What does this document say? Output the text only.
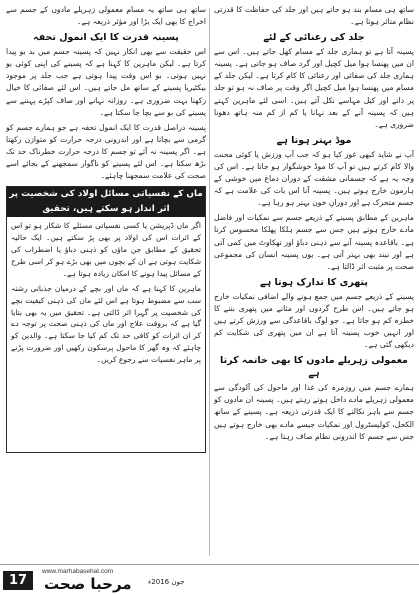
ساتھ ہی مسام بند ہو جاتے ہیں اور جلد کی حفاظت کا قدرتی نظام متاثر ہوتا ہے۔

جلد کی رعنائی کے لئے

پسینہ آتا ہے تو ہماری جلد کے مسام کھل جاتے ہیں۔ اس سے ان میں پھنسا ہوا میل کچیل اور گرد صاف ہو جاتی ہے۔ پسینہ ہماری جلد کی صفائی اور رعنائی کا کام کرتا ہے۔ لیکن جلد کے مسام میں پھنسا ہوا میل کچیل اگر وقت پر صاف نہ ہو تو جلد پر دانے اور کیل مہاسے نکل آتے ہیں۔ اسی لئے ماہرین کہتے ہیں کہ پسینہ آنے کے بعد نہانا یا کم از کم منہ ہاتھ دھونا ضروری ہے۔

موڈ بہتر ہوتا ہے

آپ نے شاید کبھی غور کیا ہو کہ جب آپ ورزش یا کوئی محنت والا کام کرتے ہیں تو آپ کا موڈ خوشگوار ہو جاتا ہے۔ اس کی وجہ یہ ہے کہ جسمانی مشقت کے دوران دماغ میں خوشی کے ہارمون خارج ہوتے ہیں۔ پسینہ آنا اس بات کی علامت ہے کہ جسم متحرک ہے اور دورانِ خون بہتر ہو رہا ہے۔

ماہرین کے مطابق پسینے کے ذریعے جسم سے نمکیات اور فاضل مادے خارج ہوتے ہیں جس سے جسم ہلکا پھلکا محسوس کرتا ہے۔ باقاعدہ پسینہ آنے سے ذہنی دباؤ اور تھکاوٹ میں کمی آتی ہے اور نیند بھی بہتر آتی ہے۔ یوں پسینہ انسان کی مجموعی صحت پر مثبت اثر ڈالتا ہے۔

پتھری کا تدارک ہوتا ہے

پسینے کے ذریعے جسم میں جمع ہونے والے اضافی نمکیات خارج ہو جاتے ہیں۔ اس طرح گردوں اور مثانے میں پتھری بننے کا خطرہ کم ہو جاتا ہے۔ جو لوگ باقاعدگی سے ورزش کرتے ہیں اور انہیں خوب پسینہ آتا ہے ان میں پتھری کی شکایت کم دیکھی گئی ہے۔

معمولی زہریلے مادوں کا بھی خاتمہ کرتا ہے

ہمارے جسم میں روزمرہ کی غذا اور ماحول کی آلودگی سے معمولی زہریلے مادے داخل ہوتے رہتے ہیں۔ پسینہ ان مادوں کو جسم سے باہر نکالنے کا ایک قدرتی ذریعہ ہے۔ پسینے کے ساتھ الکحل، کولیسٹرول اور نمکیات جیسے مادے بھی خارج ہوتے ہیں جس سے جسم کا اندرونی نظام صاف رہتا ہے۔

ساتھ ہی ساتھ یہ مسام معمولی زہریلے مادوں کے جسم سے اخراج کا بھی ایک بڑا اور مؤثر ذریعہ ہے۔

پسینہ قدرت کا ایک انمول تحفہ

اس حقیقت سے بھی انکار نہیں کہ پسینہ جسم میں بد بو پیدا کرتا ہے۔ لیکن ماہرین کا کہنا ہے کہ پسینے کی اپنی کوئی بو نہیں ہوتی۔ بو اس وقت پیدا ہوتی ہے جب جلد پر موجود بیکٹیریا پسینے کے ساتھ مل جاتے ہیں۔ اس لئے صفائی کا خیال رکھنا بہت ضروری ہے۔ روزانہ نہانے اور صاف کپڑے پہننے سے پسینے کی بو سے بچا جا سکتا ہے۔

پسینہ دراصل قدرت کا ایک انمول تحفہ ہے جو ہمارے جسم کو گرمی سے بچاتا ہے اور اندرونی درجہ حرارت کو متوازن رکھتا ہے۔ اگر پسینہ نہ آئے تو جسم کا درجہ حرارت خطرناک حد تک بڑھ سکتا ہے۔ اس لئے پسینے کو ناگوار سمجھنے کے بجائے اسے صحت کی علامت سمجھنا چاہئے۔

ماں کے نفسیاتی مسائل اولاد کی شخصیت پر اثر انداز ہو سکتے ہیں، تحقیق

اگر ماں ڈپریشن یا کسی نفسیاتی مسئلے کا شکار ہو تو اس کے اثرات اس کی اولاد پر بھی پڑ سکتے ہیں۔ ایک حالیہ تحقیق کے مطابق جن ماؤں کو ذہنی دباؤ یا اضطراب کی شکایت ہوتی ہے ان کے بچوں میں بھی بڑے ہو کر اسی طرح کے مسائل پیدا ہونے کا امکان زیادہ ہوتا ہے۔

ماہرین کا کہنا ہے کہ ماں اور بچے کے درمیان جذباتی رشتہ سب سے مضبوط ہوتا ہے اس لئے ماں کی ذہنی کیفیت بچے کی شخصیت پر گہرا اثر ڈالتی ہے۔ تحقیق میں یہ بھی بتایا گیا ہے کہ بروقت علاج اور ماں کی ذہنی صحت پر توجہ دے کر ان اثرات کو کافی حد تک کم کیا جا سکتا ہے۔ والدین کو چاہئے کہ وہ گھر کا ماحول پرسکون رکھیں اور ضرورت پڑنے پر ماہر نفسیات سے رجوع کریں۔

17
www.marhabasehat.com
مرحبا صحت جون 2016ء
